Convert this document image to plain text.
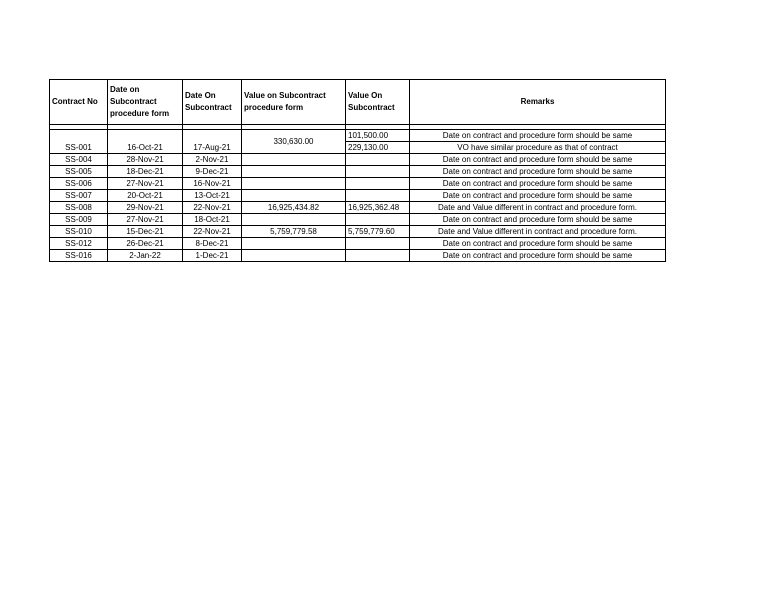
Contract No	Date on Subcontract procedure form	Date On Subcontract	Value on Subcontract procedure form	Value On Subcontract	Remarks

SS-001	16-Oct-21	17-Aug-21	330,630.00	101,500.00	Date on contract and procedure form should be same
				229,130.00	VO have similar procedure as that of contract
SS-004	28-Nov-21	2-Nov-21			Date on contract and procedure form should be same
SS-005	18-Dec-21	9-Dec-21			Date on contract and procedure form should be same
SS-006	27-Nov-21	16-Nov-21			Date on contract and procedure form should be same
SS-007	20-Oct-21	13-Oct-21			Date on contract and procedure form should be same
SS-008	29-Nov-21	22-Nov-21	16,925,434.82	16,925,362.48	Date and Value different in contract and procedure form.
SS-009	27-Nov-21	18-Oct-21			Date on contract and procedure form should be same
SS-010	15-Dec-21	22-Nov-21	5,759,779.58	5,759,779.60	Date and Value different in contract and procedure form.
SS-012	26-Dec-21	8-Dec-21			Date on contract and procedure form should be same
SS-016	2-Jan-22	1-Dec-21			Date on contract and procedure form should be same
